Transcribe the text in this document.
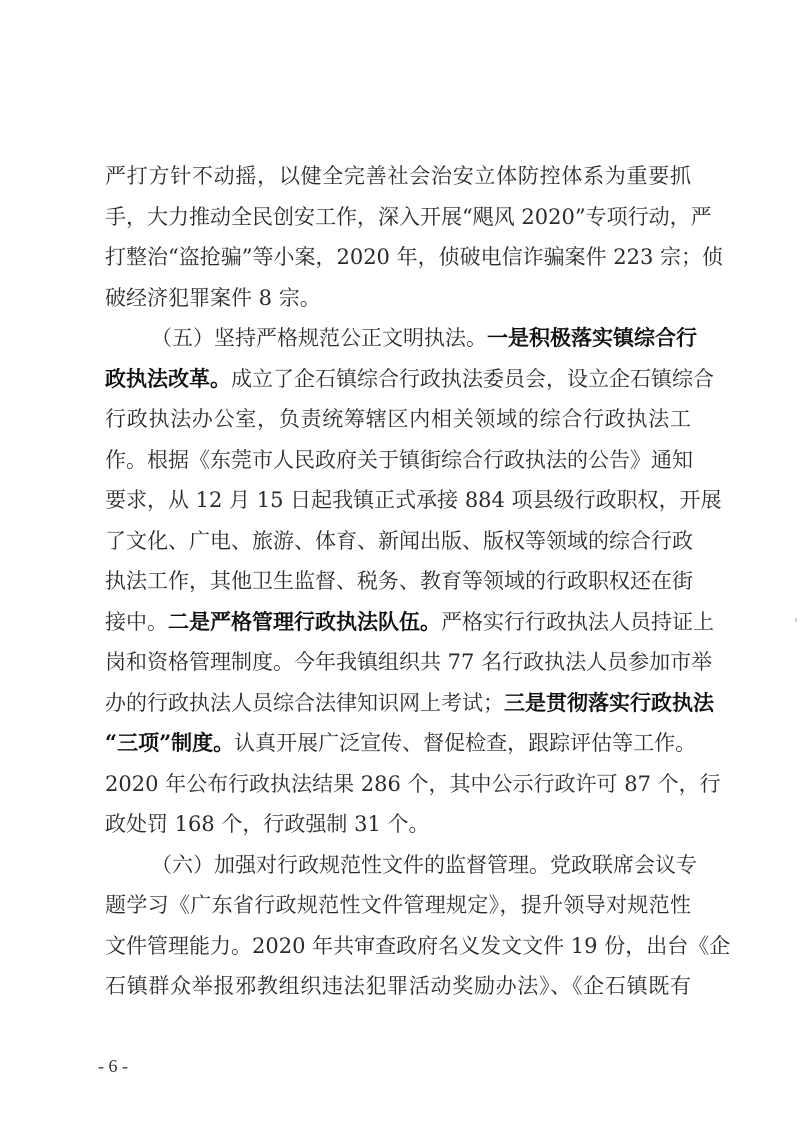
严打方针不动摇，以健全完善社会治安立体防控体系为重要抓
手，大力推动全民创安工作，深入开展“飓风 2020”专项行动，严
打整治“盗抢骗”等小案，2020 年，侦破电信诈骗案件 223 宗；侦
破经济犯罪案件 8 宗。
（五）坚持严格规范公正文明执法。一是积极落实镇综合行
政执法改革。成立了企石镇综合行政执法委员会，设立企石镇综合
行政执法办公室，负责统筹辖区内相关领域的综合行政执法工
作。根据《东莞市人民政府关于镇街综合行政执法的公告》通知
要求，从 12 月 15 日起我镇正式承接 884 项县级行政职权，开展
了文化、广电、旅游、体育、新闻出版、版权等领域的综合行政
执法工作，其他卫生监督、税务、教育等领域的行政职权还在街
接中。二是严格管理行政执法队伍。严格实行行政执法人员持证上
岗和资格管理制度。今年我镇组织共 77 名行政执法人员参加市举
办的行政执法人员综合法律知识网上考试；三是贯彻落实行政执法
“三项”制度。认真开展广泛宣传、督促检查，跟踪评估等工作。
2020 年公布行政执法结果 286 个，其中公示行政许可 87 个，行
政处罚 168 个，行政强制 31 个。
（六）加强对行政规范性文件的监督管理。党政联席会议专
题学习《广东省行政规范性文件管理规定》，提升领导对规范性
文件管理能力。2020 年共审查政府名义发文文件 19 份，出台《企
石镇群众举报邪教组织违法犯罪活动奖励办法》、《企石镇既有
- 6 -
